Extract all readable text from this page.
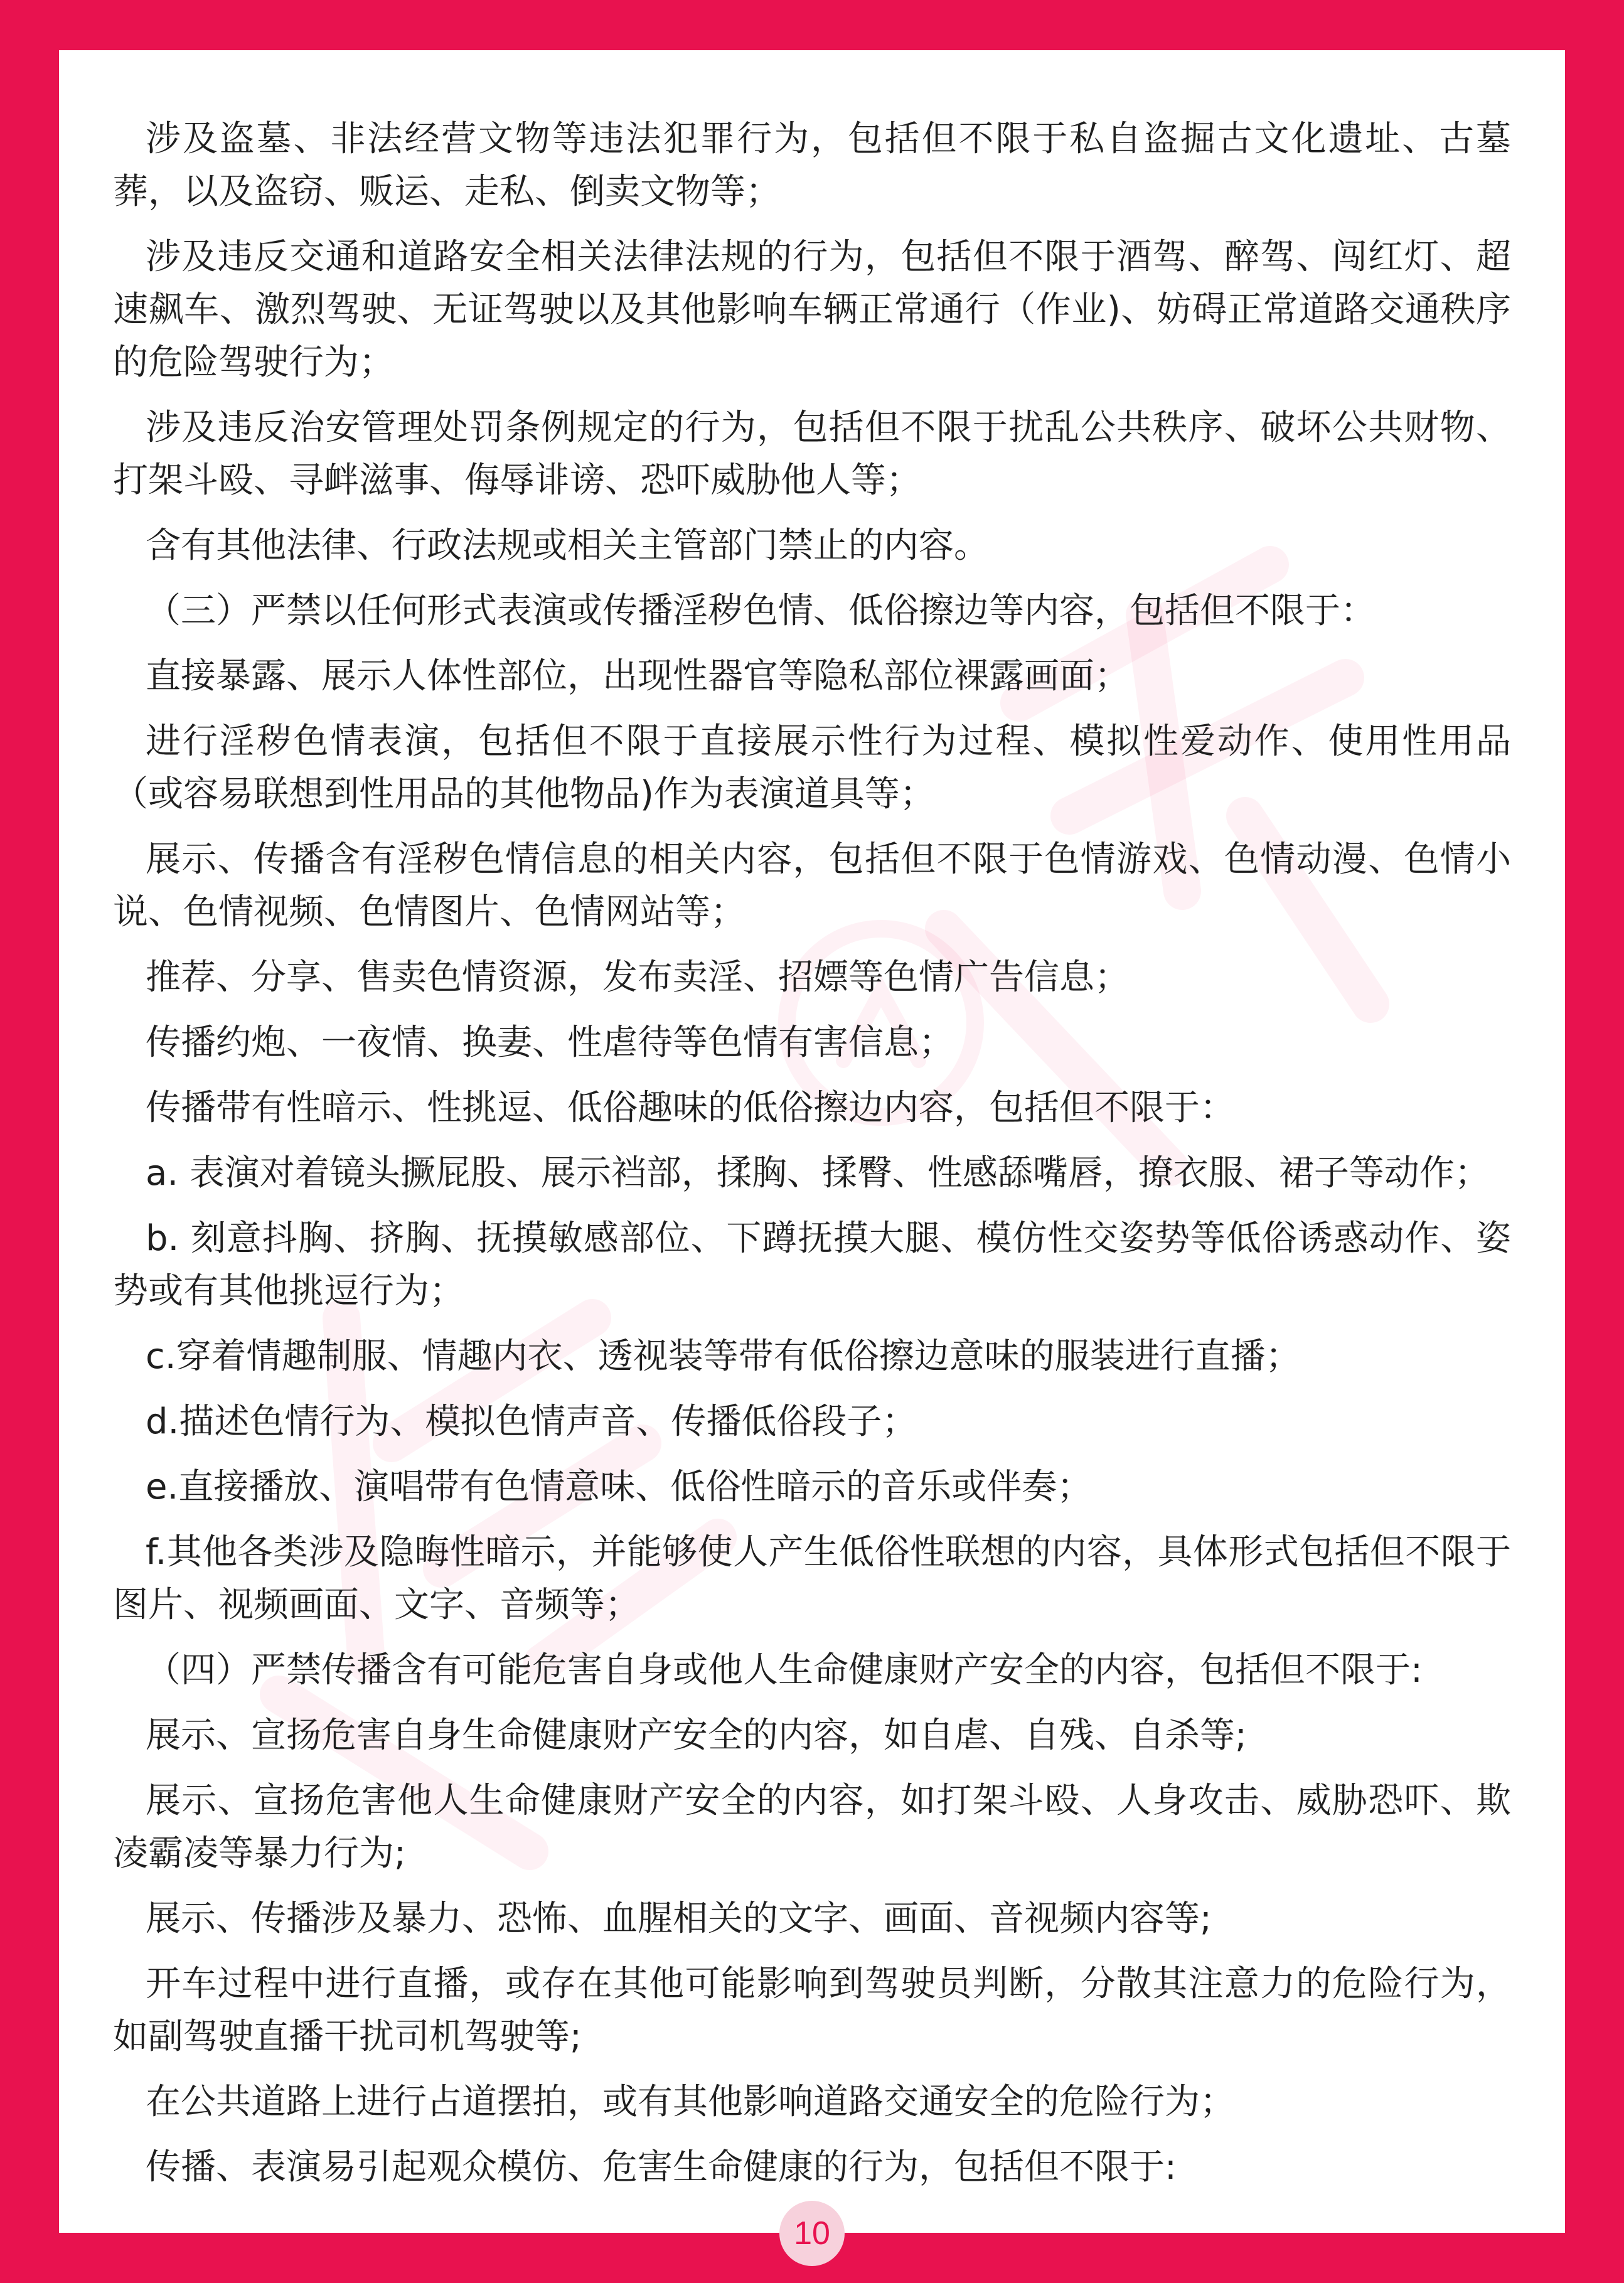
涉及盗墓、非法经营文物等违法犯罪行为，包括但不限于私自盗掘古文化遗址、古墓葬，以及盗窃、贩运、走私、倒卖文物等；

涉及违反交通和道路安全相关法律法规的行为，包括但不限于酒驾、醉驾、闯红灯、超速飙车、激烈驾驶、无证驾驶以及其他影响车辆正常通行（作业)、妨碍正常道路交通秩序的危险驾驶行为；

涉及违反治安管理处罚条例规定的行为，包括但不限于扰乱公共秩序、破坏公共财物、打架斗殴、寻衅滋事、侮辱诽谤、恐吓威胁他人等；

含有其他法律、行政法规或相关主管部门禁止的内容。

（三）严禁以任何形式表演或传播淫秽色情、低俗擦边等内容，包括但不限于：

直接暴露、展示人体性部位，出现性器官等隐私部位裸露画面；

进行淫秽色情表演，包括但不限于直接展示性行为过程、模拟性爱动作、使用性用品（或容易联想到性用品的其他物品)作为表演道具等；

展示、传播含有淫秽色情信息的相关内容，包括但不限于色情游戏、色情动漫、色情小说、色情视频、色情图片、色情网站等；

推荐、分享、售卖色情资源，发布卖淫、招嫖等色情广告信息；

传播约炮、一夜情、换妻、性虐待等色情有害信息；

传播带有性暗示、性挑逗、低俗趣味的低俗擦边内容，包括但不限于：

a. 表演对着镜头撅屁股、展示裆部，揉胸、揉臀、性感舔嘴唇，撩衣服、裙子等动作；

b. 刻意抖胸、挤胸、抚摸敏感部位、下蹲抚摸大腿、模仿性交姿势等低俗诱惑动作、姿势或有其他挑逗行为；

c.穿着情趣制服、情趣内衣、透视装等带有低俗擦边意味的服装进行直播；

d.描述色情行为、模拟色情声音、传播低俗段子；

e.直接播放、演唱带有色情意味、低俗性暗示的音乐或伴奏；

f.其他各类涉及隐晦性暗示，并能够使人产生低俗性联想的内容，具体形式包括但不限于图片、视频画面、文字、音频等；

（四）严禁传播含有可能危害自身或他人生命健康财产安全的内容，包括但不限于:

展示、宣扬危害自身生命健康财产安全的内容，如自虐、自残、自杀等;

展示、宣扬危害他人生命健康财产安全的内容，如打架斗殴、人身攻击、威胁恐吓、欺凌霸凌等暴力行为;

展示、传播涉及暴力、恐怖、血腥相关的文字、画面、音视频内容等;

开车过程中进行直播，或存在其他可能影响到驾驶员判断，分散其注意力的危险行为，如副驾驶直播干扰司机驾驶等;

在公共道路上进行占道摆拍，或有其他影响道路交通安全的危险行为；

传播、表演易引起观众模仿、危害生命健康的行为，包括但不限于:

10
